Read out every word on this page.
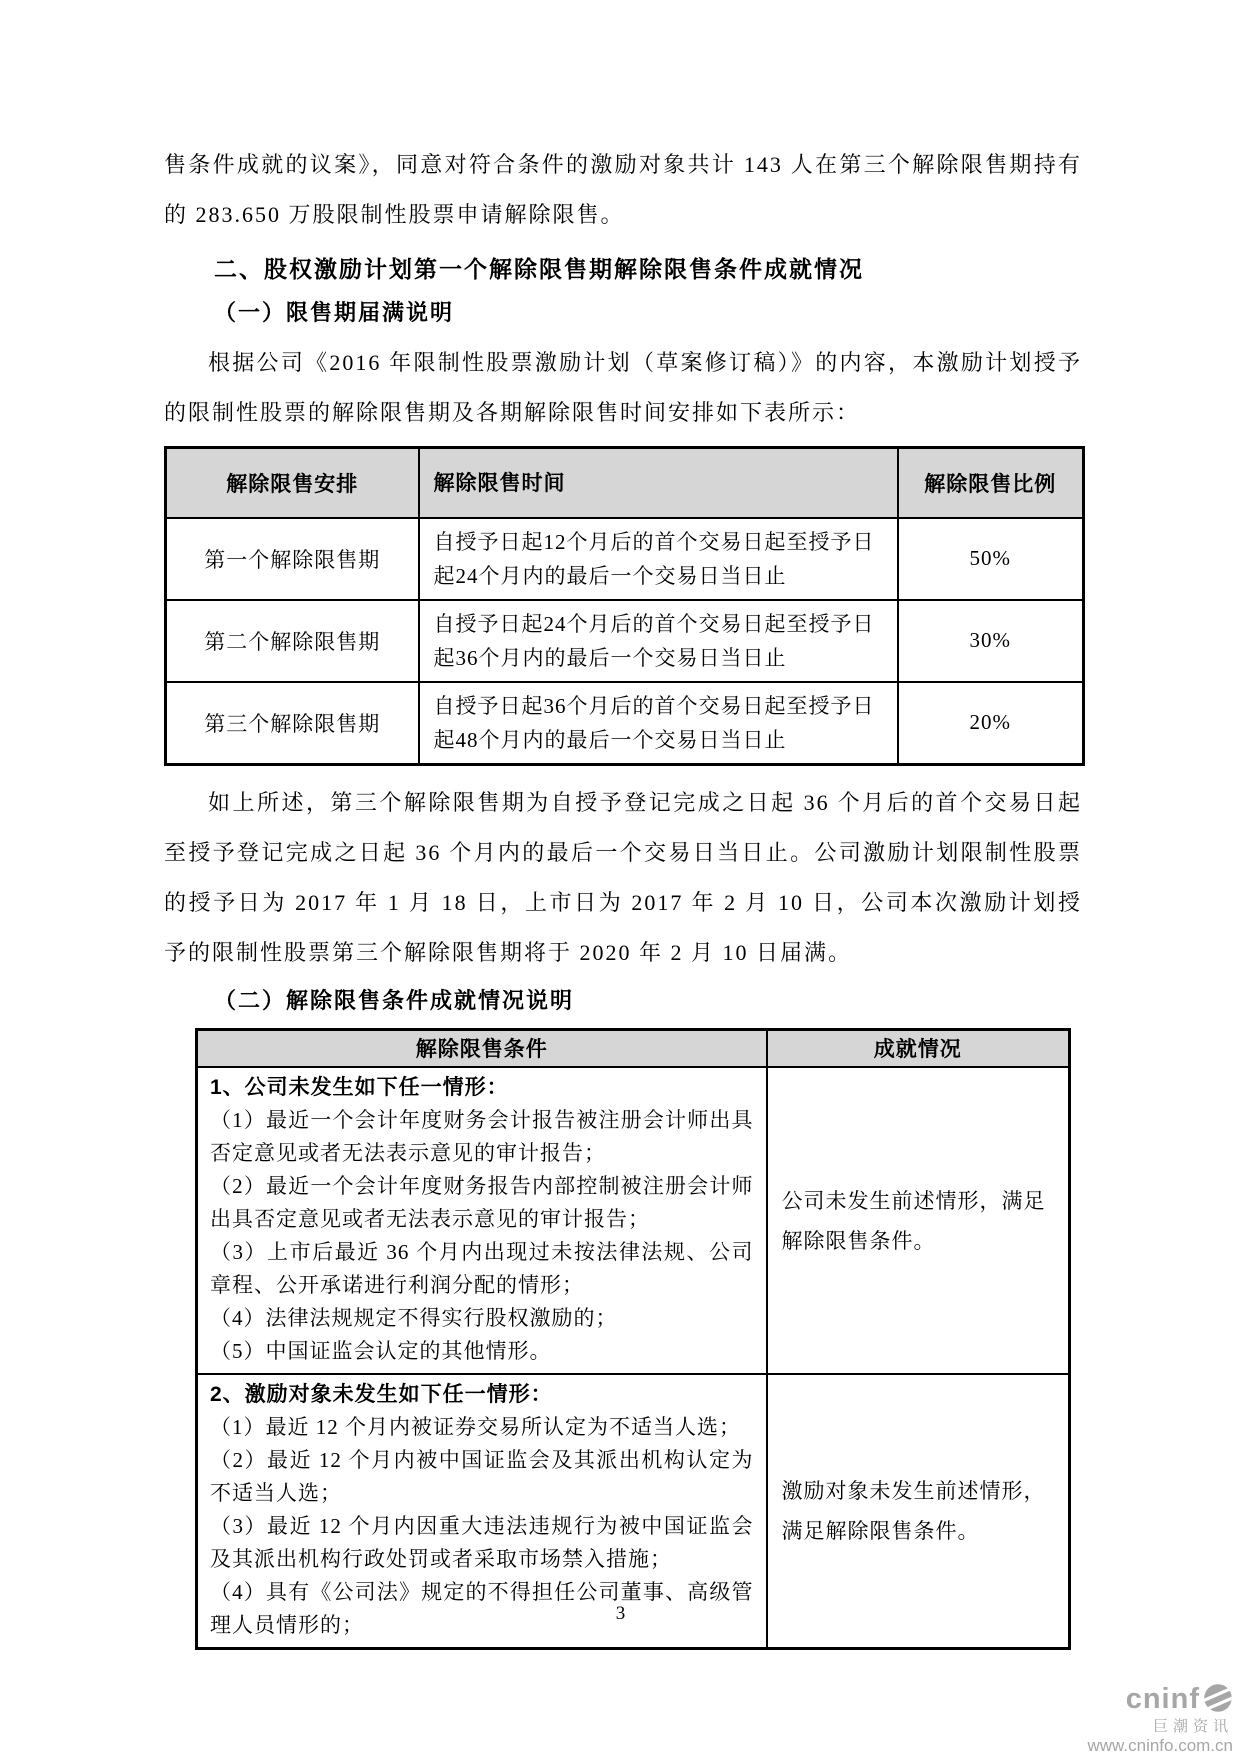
售条件成就的议案》，同意对符合条件的激励对象共计 143 人在第三个解除限售期持有的 283.650 万股限制性股票申请解除限售。

二、股权激励计划第一个解除限售期解除限售条件成就情况
（一）限售期届满说明

根据公司《2016 年限制性股票激励计划（草案修订稿）》的内容，本激励计划授予的限制性股票的解除限售期及各期解除限售时间安排如下表所示：

解除限售安排	解除限售时间	解除限售比例
第一个解除限售期	自授予日起12个月后的首个交易日起至授予日起24个月内的最后一个交易日当日止	50%
第二个解除限售期	自授予日起24个月后的首个交易日起至授予日起36个月内的最后一个交易日当日止	30%
第三个解除限售期	自授予日起36个月后的首个交易日起至授予日起48个月内的最后一个交易日当日止	20%

如上所述，第三个解除限售期为自授予登记完成之日起 36 个月后的首个交易日起至授予登记完成之日起 36 个月内的最后一个交易日当日止。公司激励计划限制性股票的授予日为 2017 年 1 月 18 日，上市日为 2017 年 2 月 10 日，公司本次激励计划授予的限制性股票第三个解除限售期将于 2020 年 2 月 10 日届满。

（二）解除限售条件成就情况说明
解除限售条件	成就情况

1、公司未发生如下任一情形：

（1）最近一个会计年度财务会计报告被注册会计师出具否定意见或者无法表示意见的审计报告；

（2）最近一个会计年度财务报告内部控制被注册会计师出具否定意见或者无法表示意见的审计报告；

（3）上市后最近 36 个月内出现过未按法律法规、公司章程、公开承诺进行利润分配的情形；

（4）法律法规规定不得实行股权激励的；

（5）中国证监会认定的其他情形。

	公司未发生前述情形，满足解除限售条件。

2、激励对象未发生如下任一情形：

（1）最近 12 个月内被证券交易所认定为不适当人选；

（2）最近 12 个月内被中国证监会及其派出机构认定为不适当人选；

（3）最近 12 个月内因重大违法违规行为被中国证监会及其派出机构行政处罚或者采取市场禁入措施；

（4）具有《公司法》规定的不得担任公司董事、高级管理人员情形的；	激励对象未发生前述情形，满足解除限售条件。
3
cninf
巨潮资讯
www.cninfo.com.cn
